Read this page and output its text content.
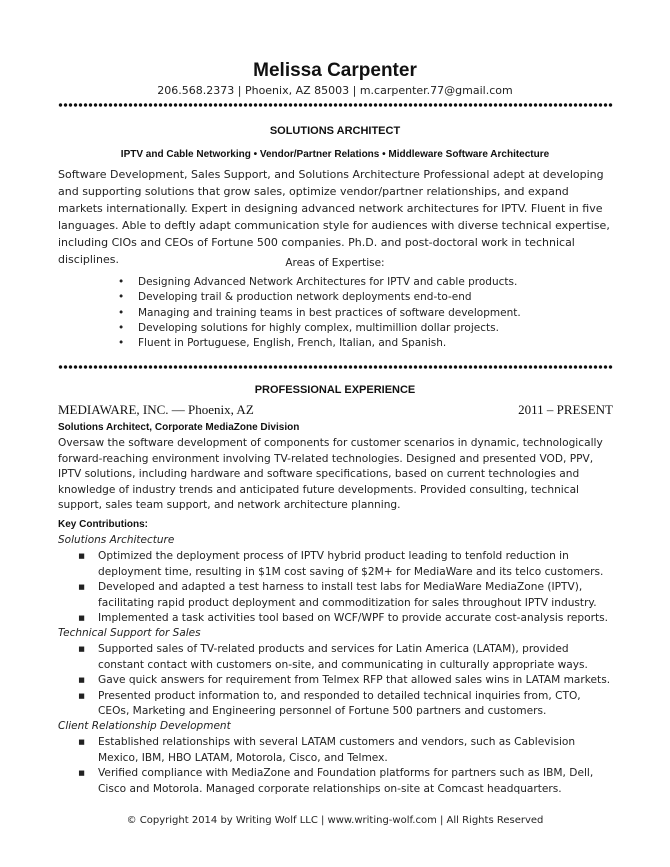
Melissa Carpenter
206.568.2373 | Phoenix, AZ 85003 | m.carpenter.77@gmail.com
SOLUTIONS ARCHITECT
IPTV and Cable Networking • Vendor/Partner Relations • Middleware Software Architecture
Software Development, Sales Support, and Solutions Architecture Professional adept at developing and supporting solutions that grow sales, optimize vendor/partner relationships, and expand markets internationally. Expert in designing advanced network architectures for IPTV. Fluent in five languages. Able to deftly adapt communication style for audiences with diverse technical expertise, including CIOs and CEOs of Fortune 500 companies. Ph.D. and post-doctoral work in technical disciplines.	Areas of Expertise:
• Designing Advanced Network Architectures for IPTV and cable products.
• Developing trail & production network deployments end-to-end
• Managing and training teams in best practices of software development.
• Developing solutions for highly complex, multimillion dollar projects.
• Fluent in Portuguese, English, French, Italian, and Spanish.
PROFESSIONAL EXPERIENCE
MEDIAWARE, INC. — Phoenix, AZ	2011 – PRESENT
Solutions Architect, Corporate MediaZone Division
Oversaw the software development of components for customer scenarios in dynamic, technologically forward-reaching environment involving TV-related technologies. Designed and presented VOD, PPV, IPTV solutions, including hardware and software specifications, based on current technologies and knowledge of industry trends and anticipated future developments. Provided consulting, technical support, sales team support, and network architecture planning.
Key Contributions:
Solutions Architecture
▪ Optimized the deployment process of IPTV hybrid product leading to tenfold reduction in deployment time, resulting in $1M cost saving of $2M+ for MediaWare and its telco customers.
▪ Developed and adapted a test harness to install test labs for MediaWare MediaZone (IPTV), facilitating rapid product deployment and commoditization for sales throughout IPTV industry.
▪ Implemented a task activities tool based on WCF/WPF to provide accurate cost-analysis reports.
Technical Support for Sales
▪ Supported sales of TV-related products and services for Latin America (LATAM), provided constant contact with customers on-site, and communicating in culturally appropriate ways.
▪ Gave quick answers for requirement from Telmex RFP that allowed sales wins in LATAM markets.
▪ Presented product information to, and responded to detailed technical inquiries from, CTO, CEOs, Marketing and Engineering personnel of Fortune 500 partners and customers.
Client Relationship Development
▪ Established relationships with several LATAM customers and vendors, such as Cablevision Mexico, IBM, HBO LATAM, Motorola, Cisco, and Telmex.
▪ Verified compliance with MediaZone and Foundation platforms for partners such as IBM, Dell, Cisco and Motorola. Managed corporate relationships on-site at Comcast headquarters.
© Copyright 2014 by Writing Wolf LLC | www.writing-wolf.com | All Rights Reserved
